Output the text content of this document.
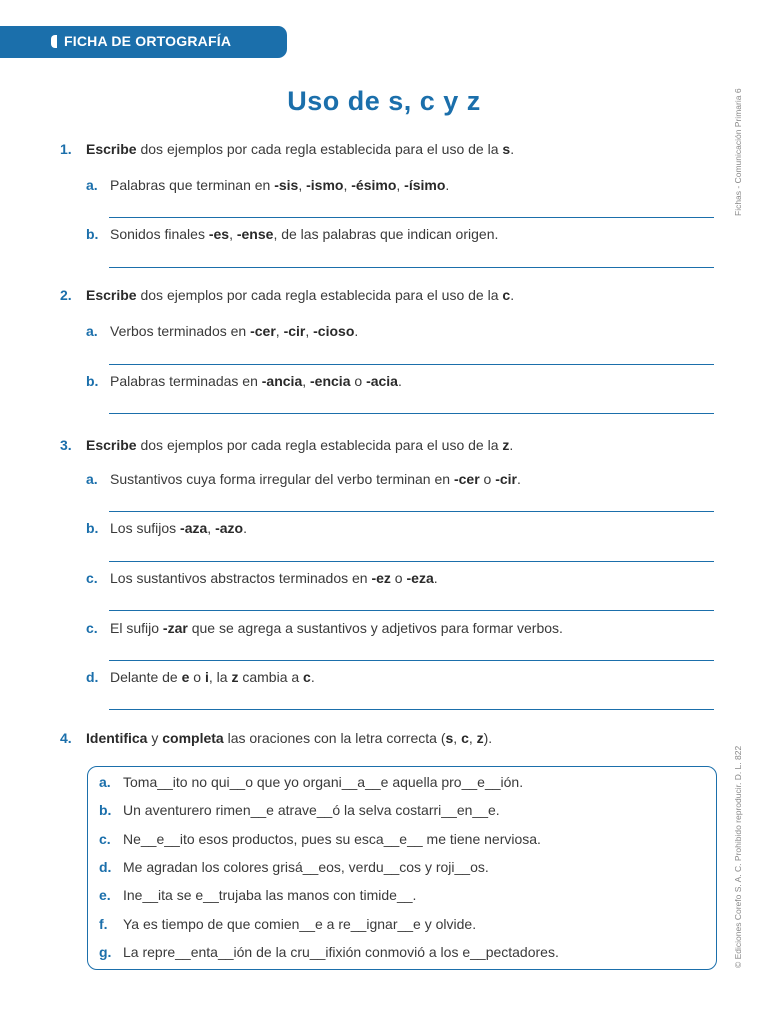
FICHA DE ORTOGRAFÍA
Fichas - Comunicación Primaria 6
© Ediciones Corefo S. A. C. Prohibido reproducir. D. L. 822
Uso de s, c y z
1. Escribe dos ejemplos por cada regla establecida para el uso de la s.
a. Palabras que terminan en -sis, -ismo, -ésimo, -ísimo.
b. Sonidos finales -es, -ense, de las palabras que indican origen.
2. Escribe dos ejemplos por cada regla establecida para el uso de la c.
a. Verbos terminados en -cer, -cir, -cioso.
b. Palabras terminadas en -ancia, -encia o -acia.
3. Escribe dos ejemplos por cada regla establecida para el uso de la z.
a. Sustantivos cuya forma irregular del verbo terminan en -cer o -cir.
b. Los sufijos -aza, -azo.
c. Los sustantivos abstractos terminados en -ez o -eza.
c. El sufijo -zar que se agrega a sustantivos y adjetivos para formar verbos.
d. Delante de e o i, la z cambia a c.
4. Identifica y completa las oraciones con la letra correcta (s, c, z).
a. Toma__ito no qui__o que yo organi__a__e aquella pro__e__ión.
b. Un aventurero rimen__e atrave__ó la selva costarri__en__e.
c. Ne__e__ito esos productos, pues su esca__e__ me tiene nerviosa.
d. Me agradan los colores grisá__eos, verdu__cos y roji__os.
e. Ine__ita se e__trujaba las manos con timide__.
f. Ya es tiempo de que comien__e a re__ignar__e y olvide.
g. La repre__enta__ión de la cru__ifixión conmovió a los e__pectadores.
